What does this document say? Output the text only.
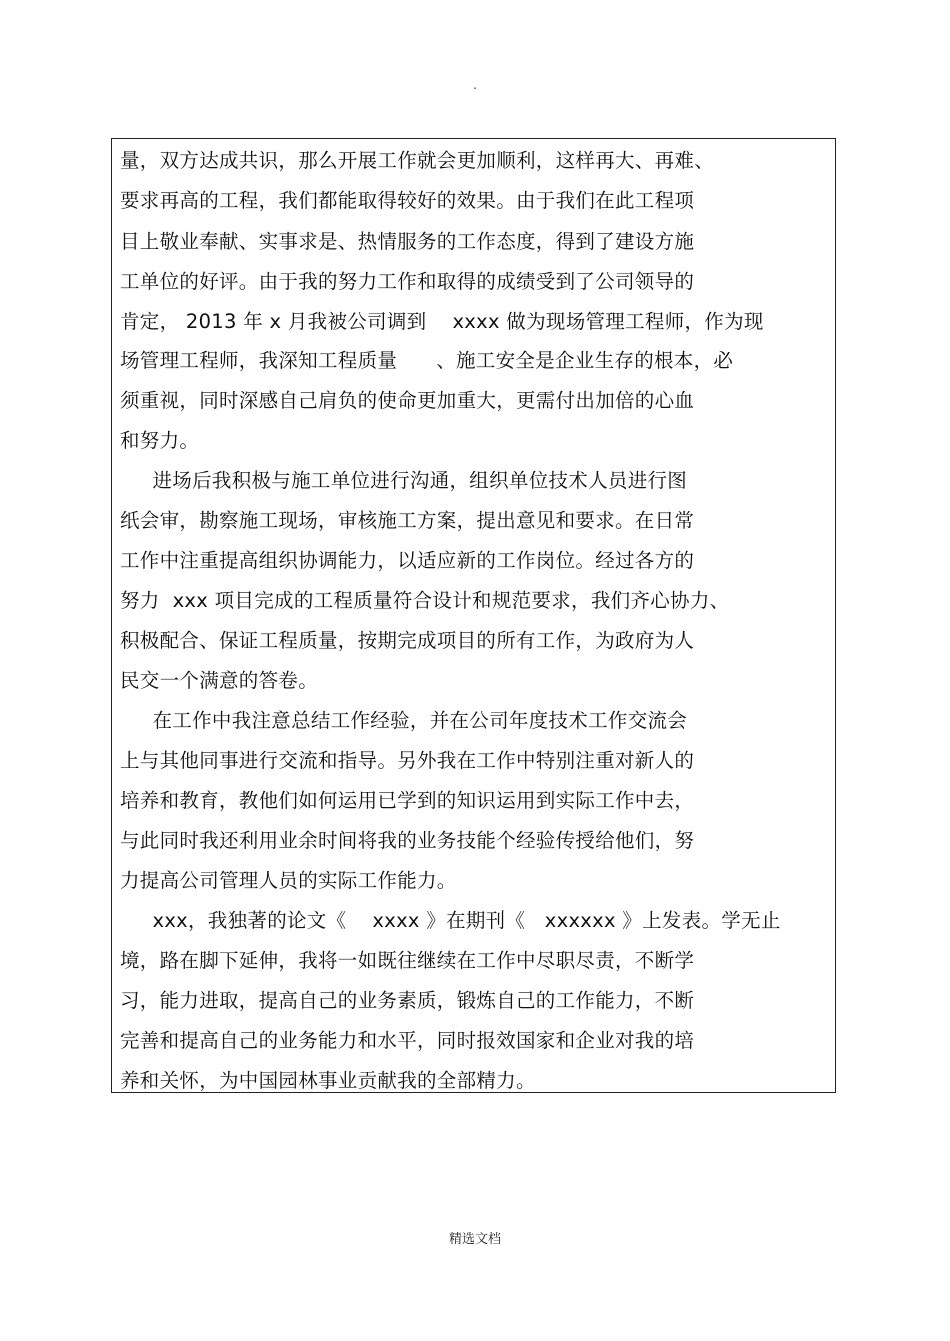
.

量，双方达成共识，那么开展工作就会更加顺利，这样再大、再难、

要求再高的工程，我们都能取得较好的效果。由于我们在此工程项

目上敬业奉献、实事求是、热情服务的工作态度，得到了建设方施

工单位的好评。由于我的努力工作和取得的成绩受到了公司领导的

肯定， 2013 年 x 月我被公司调到    xxxx 做为现场管理工程师，作为现

场管理工程师，我深知工程质量      、施工安全是企业生存的根本，必

须重视，同时深感自己肩负的使命更加重大，更需付出加倍的心血

和努力。

进场后我积极与施工单位进行沟通，组织单位技术人员进行图

纸会审，勘察施工现场，审核施工方案，提出意见和要求。在日常

工作中注重提高组织协调能力，以适应新的工作岗位。经过各方的

努力  xxx 项目完成的工程质量符合设计和规范要求，我们齐心协力、

积极配合、保证工程质量，按期完成项目的所有工作，为政府为人

民交一个满意的答卷。

在工作中我注意总结工作经验，并在公司年度技术工作交流会

上与其他同事进行交流和指导。另外我在工作中特别注重对新人的

培养和教育，教他们如何运用已学到的知识运用到实际工作中去，

与此同时我还利用业余时间将我的业务技能个经验传授给他们，努

力提高公司管理人员的实际工作能力。

xxx，我独著的论文《    xxxx 》在期刊《   xxxxxx 》上发表。学无止

境，路在脚下延伸，我将一如既往继续在工作中尽职尽责，不断学

习，能力进取，提高自己的业务素质，锻炼自己的工作能力，不断

完善和提高自己的业务能力和水平，同时报效国家和企业对我的培

养和关怀，为中国园林事业贡献我的全部精力。

精选文档
